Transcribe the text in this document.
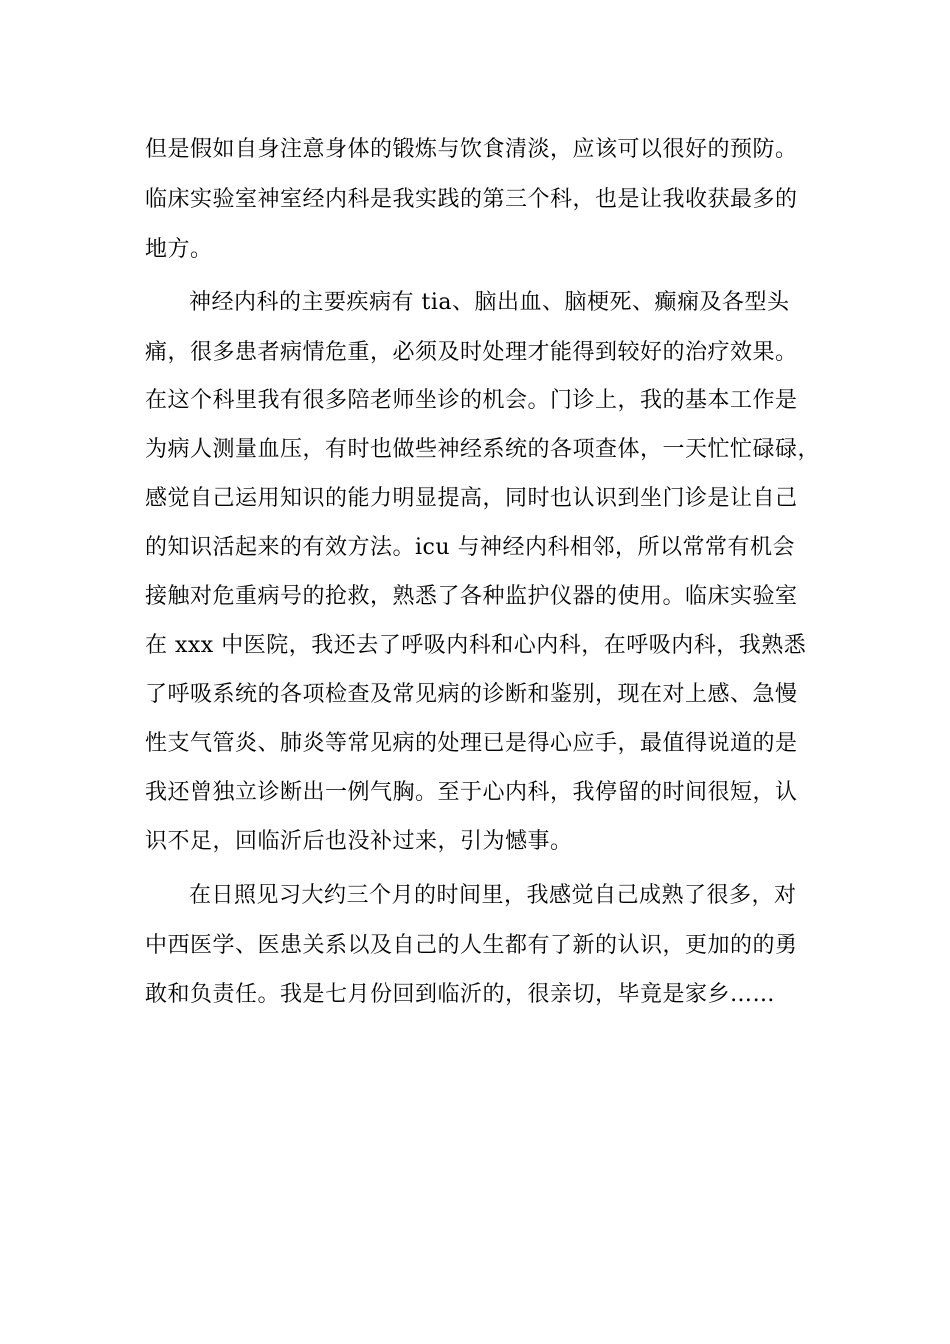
但是假如自身注意身体的锻炼与饮食清淡，应该可以很好的预防。
临床实验室神室经内科是我实践的第三个科，也是让我收获最多的
地方。
神经内科的主要疾病有 tia、脑出血、脑梗死、癫痫及各型头
痛，很多患者病情危重，必须及时处理才能得到较好的治疗效果。
在这个科里我有很多陪老师坐诊的机会。门诊上，我的基本工作是
为病人测量血压，有时也做些神经系统的各项查体，一天忙忙碌碌，
感觉自己运用知识的能力明显提高，同时也认识到坐门诊是让自己
的知识活起来的有效方法。icu 与神经内科相邻，所以常常有机会
接触对危重病号的抢救，熟悉了各种监护仪器的使用。临床实验室
在 xxx 中医院，我还去了呼吸内科和心内科，在呼吸内科，我熟悉
了呼吸系统的各项检查及常见病的诊断和鉴别，现在对上感、急慢
性支气管炎、肺炎等常见病的处理已是得心应手，最值得说道的是
我还曾独立诊断出一例气胸。至于心内科，我停留的时间很短，认
识不足，回临沂后也没补过来，引为憾事。
在日照见习大约三个月的时间里，我感觉自己成熟了很多，对
中西医学、医患关系以及自己的人生都有了新的认识，更加的的勇
敢和负责任。我是七月份回到临沂的，很亲切，毕竟是家乡……
